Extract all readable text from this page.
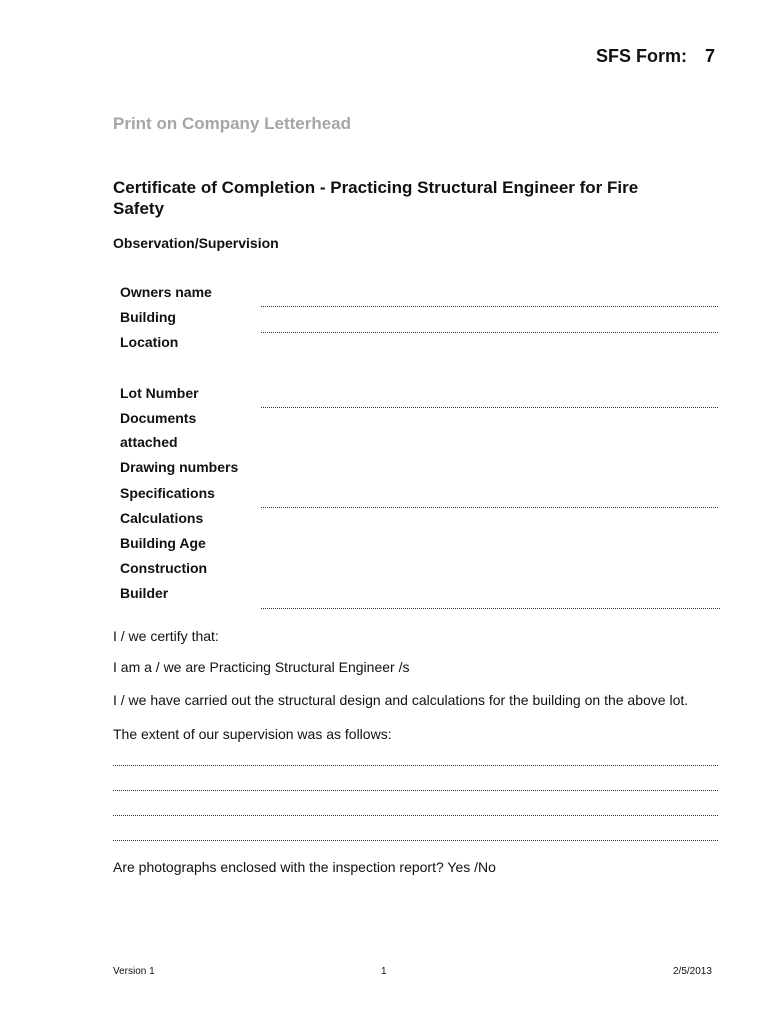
SFS Form: 7
Print on Company Letterhead
Certificate of Completion - Practicing Structural Engineer for Fire Safety
Observation/Supervision
Owners name
Building
Location
Lot Number
Documents
attached
Drawing numbers
Specifications
Calculations
Building Age
Construction
Builder
I / we certify that:
I am a / we are Practicing Structural Engineer /s
I / we have carried out the structural design and calculations for the building on the above lot.
The extent of our supervision was as follows:
Are photographs enclosed with the inspection report? Yes /No
Version 1	1	2/5/2013
